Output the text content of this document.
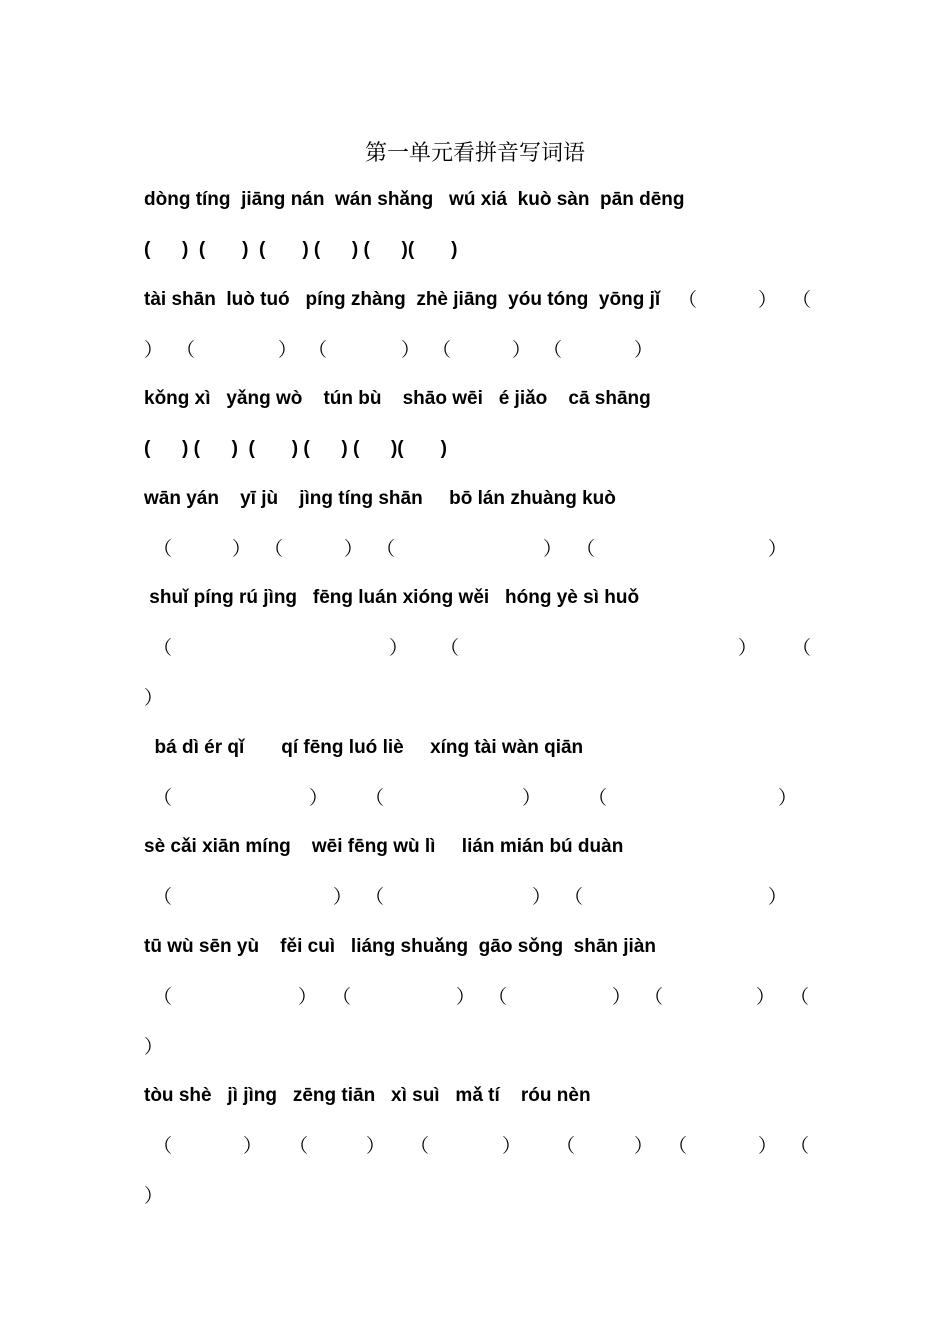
第一单元看拼音写词语
dòng tíng  jiāng nán  wán shǎng   wú xiá  kuò sàn  pān dēng
(      )  (       )  (       ) (      ) (      )(       )
tài shān  luò tuó   píng zhàng  zhè jiāng  yóu tóng  yōng jǐ （	） （
） （	） （	） （	） （	）
kǒng xì   yǎng wò    tún bù    shāo wēi   é jiǎo    cā shāng
(      ) (      )  (       ) (      ) (      )(       )
wān yán    yī jù    jìng tíng shān     bō lán zhuàng kuò
（	） （	） （	） （	）
shuǐ píng rú jìng   fēng luán xióng wěi   hóng yè sì huǒ
（	） （	） （
）
bá dì ér qǐ       qí fēng luó liè     xíng tài wàn qiān
（	） （	） （	）
sè cǎi xiān míng    wēi fēng wù lì     lián mián bú duàn
（	） （	） （	）
tū wù sēn yù    fěi cuì   liáng shuǎng  gāo sǒng  shān jiàn
（	） （	） （	） （	） （
）
tòu shè   jì jìng   zēng tiān   xì suì   mǎ tí    róu nèn
（	） （	） （	） （	） （	） （
）
